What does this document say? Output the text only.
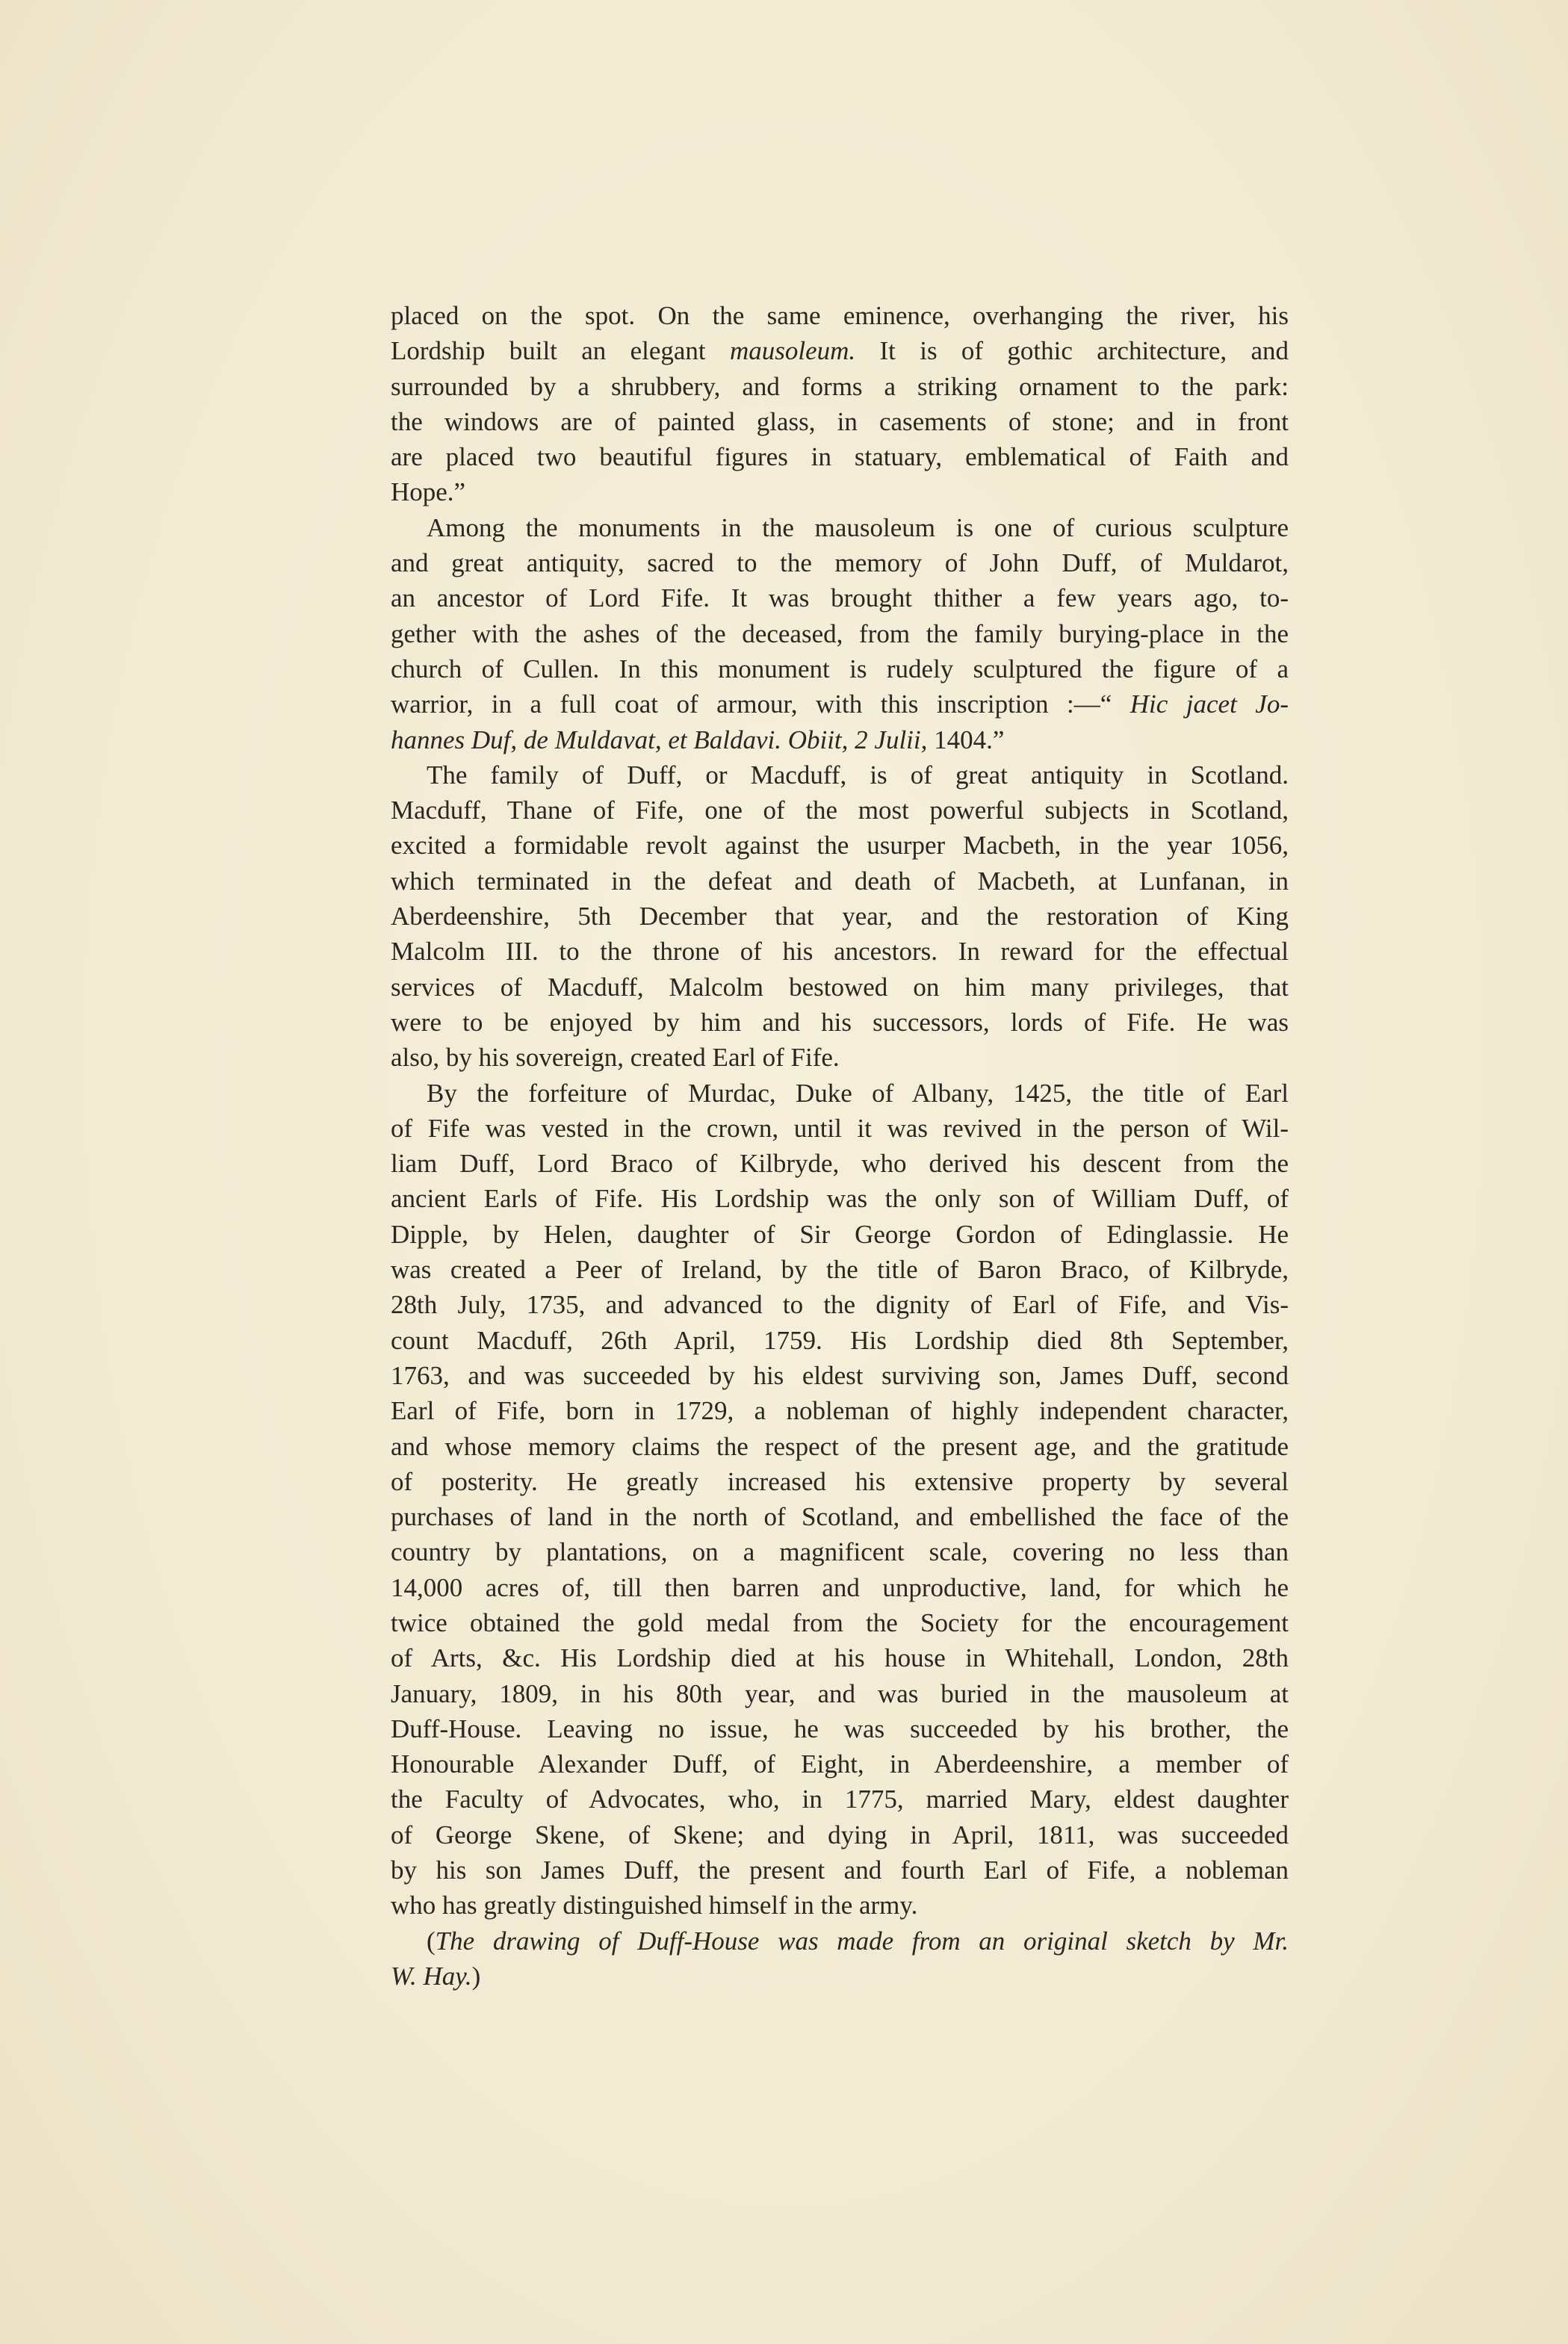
placed on the spot. On the same eminence, overhanging the river, his
Lordship built an elegant mausoleum. It is of gothic architecture, and
surrounded by a shrubbery, and forms a striking ornament to the park:
the windows are of painted glass, in casements of stone; and in front
are placed two beautiful figures in statuary, emblematical of Faith and
Hope.”
Among the monuments in the mausoleum is one of curious sculpture
and great antiquity, sacred to the memory of John Duff, of Muldarot,
an ancestor of Lord Fife. It was brought thither a few years ago, to-
gether with the ashes of the deceased, from the family burying-place in the
church of Cullen. In this monument is rudely sculptured the figure of a
warrior, in a full coat of armour, with this inscription :—“ Hic jacet Jo-
hannes Duf, de Muldavat, et Baldavi. Obiit, 2 Julii, 1404.”
The family of Duff, or Macduff, is of great antiquity in Scotland.
Macduff, Thane of Fife, one of the most powerful subjects in Scotland,
excited a formidable revolt against the usurper Macbeth, in the year 1056,
which terminated in the defeat and death of Macbeth, at Lunfanan, in
Aberdeenshire, 5th December that year, and the restoration of King
Malcolm III. to the throne of his ancestors. In reward for the effectual
services of Macduff, Malcolm bestowed on him many privileges, that
were to be enjoyed by him and his successors, lords of Fife. He was
also, by his sovereign, created Earl of Fife.
By the forfeiture of Murdac, Duke of Albany, 1425, the title of Earl
of Fife was vested in the crown, until it was revived in the person of Wil-
liam Duff, Lord Braco of Kilbryde, who derived his descent from the
ancient Earls of Fife. His Lordship was the only son of William Duff, of
Dipple, by Helen, daughter of Sir George Gordon of Edinglassie. He
was created a Peer of Ireland, by the title of Baron Braco, of Kilbryde,
28th July, 1735, and advanced to the dignity of Earl of Fife, and Vis-
count Macduff, 26th April, 1759. His Lordship died 8th September,
1763, and was succeeded by his eldest surviving son, James Duff, second
Earl of Fife, born in 1729, a nobleman of highly independent character,
and whose memory claims the respect of the present age, and the gratitude
of posterity. He greatly increased his extensive property by several
purchases of land in the north of Scotland, and embellished the face of the
country by plantations, on a magnificent scale, covering no less than
14,000 acres of, till then barren and unproductive, land, for which he
twice obtained the gold medal from the Society for the encouragement
of Arts, &c. His Lordship died at his house in Whitehall, London, 28th
January, 1809, in his 80th year, and was buried in the mausoleum at
Duff-House. Leaving no issue, he was succeeded by his brother, the
Honourable Alexander Duff, of Eight, in Aberdeenshire, a member of
the Faculty of Advocates, who, in 1775, married Mary, eldest daughter
of George Skene, of Skene; and dying in April, 1811, was succeeded
by his son James Duff, the present and fourth Earl of Fife, a nobleman
who has greatly distinguished himself in the army.
(The drawing of Duff-House was made from an original sketch by Mr.
W. Hay.)
